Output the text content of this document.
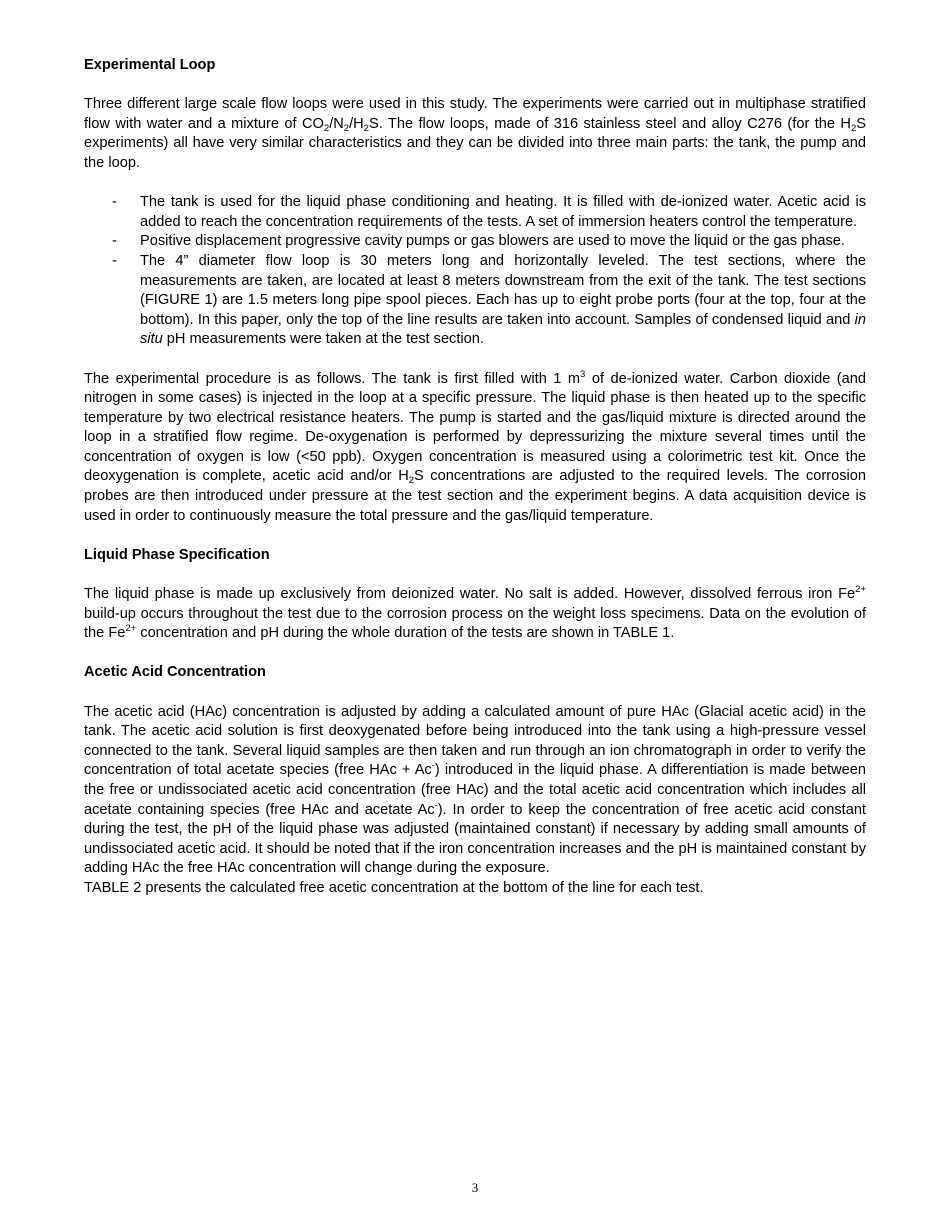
Experimental Loop

Three different large scale flow loops were used in this study. The experiments were carried out in multiphase stratified flow with water and a mixture of $CO_2/N_2/H_2S$. The flow loops, made of 316 stainless steel and alloy C276 (for the $H_2S$ experiments) all have very similar characteristics and they can be divided into three main parts: the tank, the pump and the loop.

- The tank is used for the liquid phase conditioning and heating. It is filled with de-ionized water. Acetic acid is added to reach the concentration requirements of the tests. A set of immersion heaters control the temperature.
- Positive displacement progressive cavity pumps or gas blowers are used to move the liquid or the gas phase.
- The 4” diameter flow loop is 30 meters long and horizontally leveled. The test sections, where the measurements are taken, are located at least 8 meters downstream from the exit of the tank. The test sections (FIGURE 1) are 1.5 meters long pipe spool pieces. Each has up to eight probe ports (four at the top, four at the bottom). In this paper, only the top of the line results are taken into account. Samples of condensed liquid and in situ pH measurements were taken at the test section.

The experimental procedure is as follows. The tank is first filled with 1 $m^3$ of de-ionized water. Carbon dioxide (and nitrogen in some cases) is injected in the loop at a specific pressure. The liquid phase is then heated up to the specific temperature by two electrical resistance heaters. The pump is started and the gas/liquid mixture is directed around the loop in a stratified flow regime. De-oxygenation is performed by depressurizing the mixture several times until the concentration of oxygen is low (<50 ppb). Oxygen concentration is measured using a colorimetric test kit. Once the deoxygenation is complete, acetic acid and/or $H_2S$ concentrations are adjusted to the required levels. The corrosion probes are then introduced under pressure at the test section and the experiment begins. A data acquisition device is used in order to continuously measure the total pressure and the gas/liquid temperature.

Liquid Phase Specification

The liquid phase is made up exclusively from deionized water. No salt is added. However, dissolved ferrous iron $Fe^{2+}$ build-up occurs throughout the test due to the corrosion process on the weight loss specimens. Data on the evolution of the $Fe^{2+}$ concentration and pH during the whole duration of the tests are shown in TABLE 1.

Acetic Acid Concentration

The acetic acid (HAc) concentration is adjusted by adding a calculated amount of pure HAc (Glacial acetic acid) in the tank. The acetic acid solution is first deoxygenated before being introduced into the tank using a high-pressure vessel connected to the tank. Several liquid samples are then taken and run through an ion chromatograph in order to verify the concentration of total acetate species (free HAc + Ac-) introduced in the liquid phase. A differentiation is made between the free or undissociated acetic acid concentration (free HAc) and the total acetic acid concentration which includes all acetate containing species (free HAc and acetate Ac-). In order to keep the concentration of free acetic acid constant during the test, the pH of the liquid phase was adjusted (maintained constant) if necessary by adding small amounts of undissociated acetic acid. It should be noted that if the iron concentration increases and the pH is maintained constant by adding HAc the free HAc concentration will change during the exposure.

TABLE 2 presents the calculated free acetic concentration at the bottom of the line for each test.

3
